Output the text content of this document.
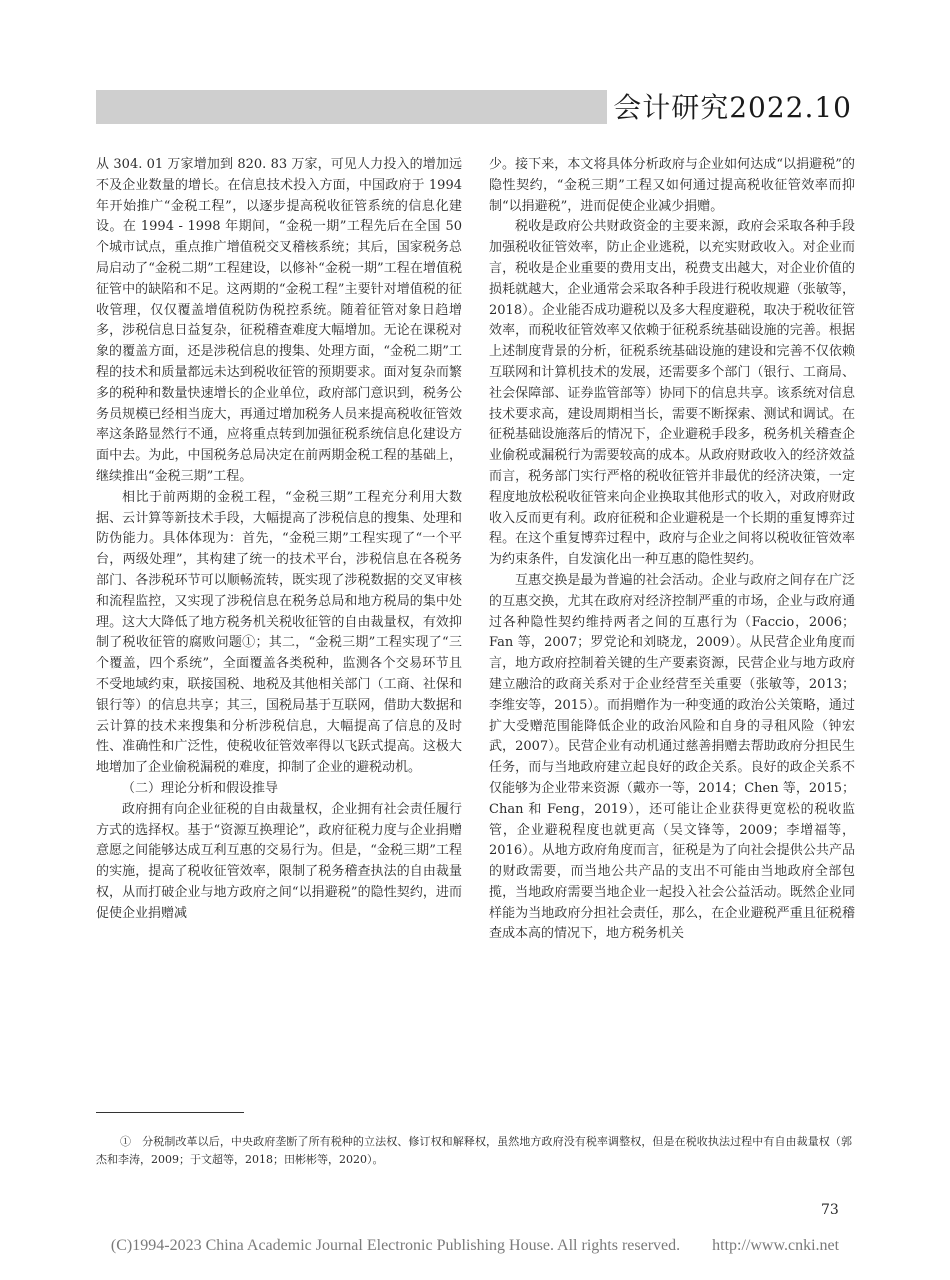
会计研究2022.10

从 304. 01 万家增加到 820. 83 万家，可见人力投入的增加远不及企业数量的增长。在信息技术投入方面，中国政府于 1994 年开始推广“金税工程”，以逐步提高税收征管系统的信息化建设。在 1994 - 1998 年期间，“金税一期”工程先后在全国 50 个城市试点，重点推广增值税交叉稽核系统；其后，国家税务总局启动了“金税二期”工程建设，以修补“金税一期”工程在增值税征管中的缺陷和不足。这两期的“金税工程”主要针对增值税的征收管理，仅仅覆盖增值税防伪税控系统。随着征管对象日趋增多，涉税信息日益复杂，征税稽查难度大幅增加。无论在课税对象的覆盖方面，还是涉税信息的搜集、处理方面，“金税二期”工程的技术和质量都远未达到税收征管的预期要求。面对复杂而繁多的税种和数量快速增长的企业单位，政府部门意识到，税务公务员规模已经相当庞大，再通过增加税务人员来提高税收征管效率这条路显然行不通，应将重点转到加强征税系统信息化建设方面中去。为此，中国税务总局决定在前两期金税工程的基础上，继续推出“金税三期”工程。

相比于前两期的金税工程，“金税三期”工程充分利用大数据、云计算等新技术手段，大幅提高了涉税信息的搜集、处理和防伪能力。具体体现为：首先，“金税三期”工程实现了“一个平台，两级处理”，其构建了统一的技术平台，涉税信息在各税务部门、各涉税环节可以顺畅流转，既实现了涉税数据的交叉审核和流程监控，又实现了涉税信息在税务总局和地方税局的集中处理。这大大降低了地方税务机关税收征管的自由裁量权，有效抑制了税收征管的腐败问题①；其二，“金税三期”工程实现了“三个覆盖，四个系统”，全面覆盖各类税种，监测各个交易环节且不受地域约束，联接国税、地税及其他相关部门（工商、社保和银行等）的信息共享；其三，国税局基于互联网，借助大数据和云计算的技术来搜集和分析涉税信息，大幅提高了信息的及时性、准确性和广泛性，使税收征管效率得以飞跃式提高。这极大地增加了企业偷税漏税的难度，抑制了企业的避税动机。

（二）理论分析和假设推导

政府拥有向企业征税的自由裁量权，企业拥有社会责任履行方式的选择权。基于“资源互换理论”，政府征税力度与企业捐赠意愿之间能够达成互利互惠的交易行为。但是，“金税三期”工程的实施，提高了税收征管效率，限制了税务稽查执法的自由裁量权，从而打破企业与地方政府之间“以捐避税”的隐性契约，进而促使企业捐赠减

少。接下来，本文将具体分析政府与企业如何达成“以捐避税”的隐性契约，“金税三期”工程又如何通过提高税收征管效率而抑制“以捐避税”，进而促使企业减少捐赠。

税收是政府公共财政资金的主要来源，政府会采取各种手段加强税收征管效率，防止企业逃税，以充实财政收入。对企业而言，税收是企业重要的费用支出，税费支出越大，对企业价值的损耗就越大，企业通常会采取各种手段进行税收规避（张敏等，2018）。企业能否成功避税以及多大程度避税，取决于税收征管效率，而税收征管效率又依赖于征税系统基础设施的完善。根据上述制度背景的分析，征税系统基础设施的建设和完善不仅依赖互联网和计算机技术的发展，还需要多个部门（银行、工商局、社会保障部、证券监管部等）协同下的信息共享。该系统对信息技术要求高，建设周期相当长，需要不断探索、测试和调试。在征税基础设施落后的情况下，企业避税手段多，税务机关稽查企业偷税或漏税行为需要较高的成本。从政府财政收入的经济效益而言，税务部门实行严格的税收征管并非最优的经济决策，一定程度地放松税收征管来向企业换取其他形式的收入，对政府财政收入反而更有利。政府征税和企业避税是一个长期的重复博弈过程。在这个重复博弈过程中，政府与企业之间将以税收征管效率为约束条件，自发演化出一种互惠的隐性契约。

互惠交换是最为普遍的社会活动。企业与政府之间存在广泛的互惠交换，尤其在政府对经济控制严重的市场，企业与政府通过各种隐性契约维持两者之间的互惠行为（Faccio，2006；Fan 等，2007；罗党论和刘晓龙，2009）。从民营企业角度而言，地方政府控制着关键的生产要素资源，民营企业与地方政府建立融洽的政商关系对于企业经营至关重要（张敏等，2013；李维安等，2015）。而捐赠作为一种变通的政治公关策略，通过扩大受赠范围能降低企业的政治风险和自身的寻租风险（钟宏武，2007）。民营企业有动机通过慈善捐赠去帮助政府分担民生任务，而与当地政府建立起良好的政企关系。良好的政企关系不仅能够为企业带来资源（戴亦一等，2014；Chen 等，2015；Chan 和 Feng，2019），还可能让企业获得更宽松的税收监管，企业避税程度也就更高（吴文锋等，2009；李增福等，2016）。从地方政府角度而言，征税是为了向社会提供公共产品的财政需要，而当地公共产品的支出不可能由当地政府全部包揽，当地政府需要当地企业一起投入社会公益活动。既然企业同样能为当地政府分担社会责任，那么，在企业避税严重且征税稽查成本高的情况下，地方税务机关

①　分税制改革以后，中央政府垄断了所有税种的立法权、修订权和解释权，虽然地方政府没有税率调整权，但是在税收执法过程中有自由裁量权（郭杰和李涛，2009；于文超等，2018；田彬彬等，2020）。
73
(C)1994-2023 China Academic Journal Electronic Publishing House. All rights reserved.　　http://www.cnki.net
